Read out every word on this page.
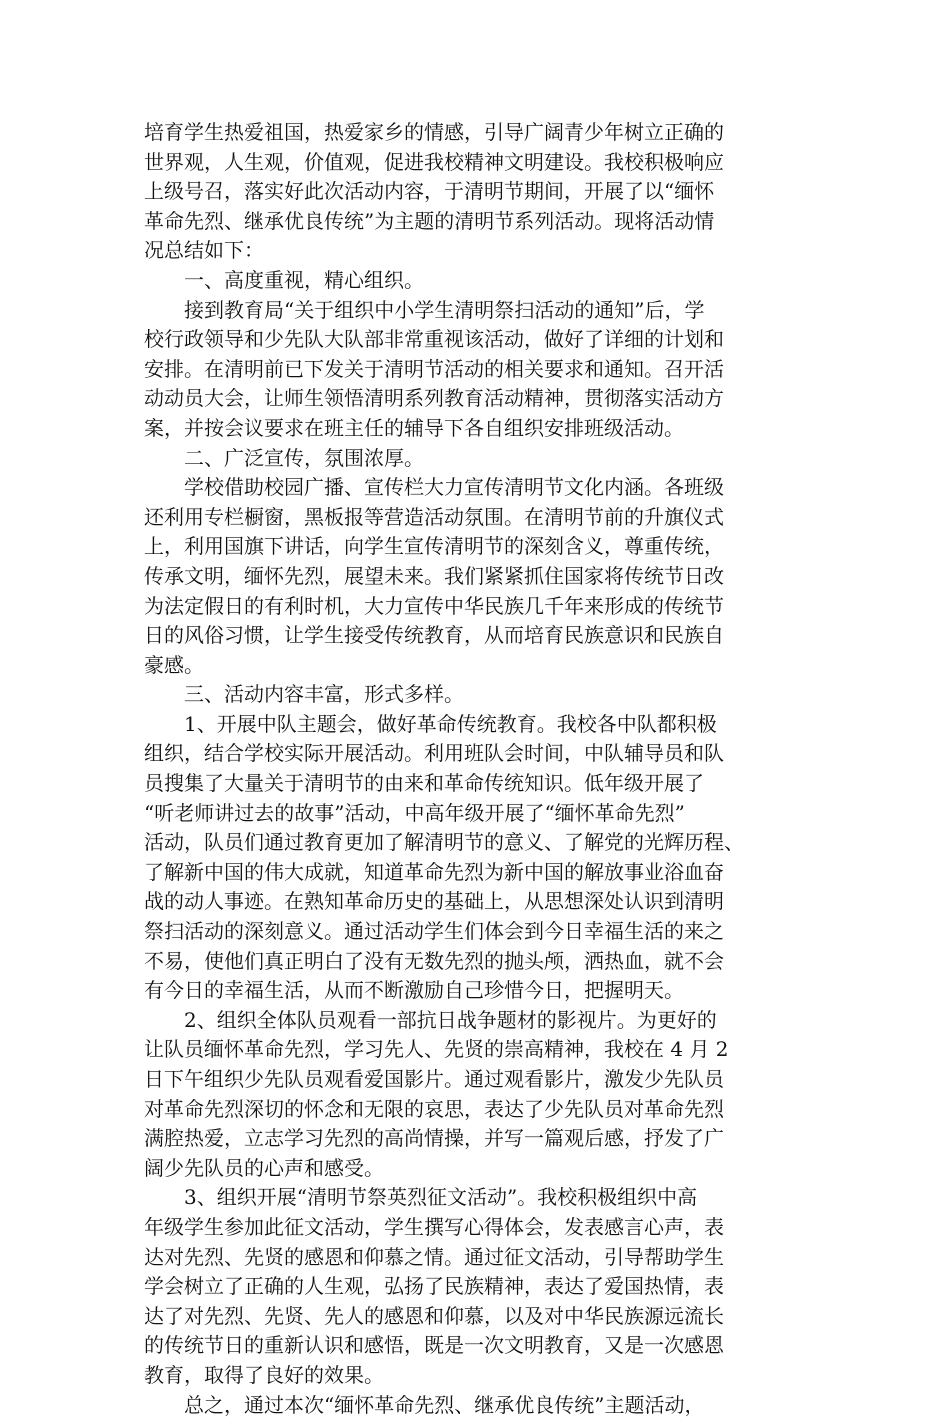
培育学生热爱祖国，热爱家乡的情感，引导广阔青少年树立正确的
世界观，人生观，价值观，促进我校精神文明建设。我校积极响应
上级号召，落实好此次活动内容，于清明节期间，开展了以“缅怀
革命先烈、继承优良传统”为主题的清明节系列活动。现将活动情
况总结如下：
　　一、高度重视，精心组织。
　　接到教育局“关于组织中小学生清明祭扫活动的通知”后，学
校行政领导和少先队大队部非常重视该活动，做好了详细的计划和
安排。在清明前已下发关于清明节活动的相关要求和通知。召开活
动动员大会，让师生领悟清明系列教育活动精神，贯彻落实活动方
案，并按会议要求在班主任的辅导下各自组织安排班级活动。
　　二、广泛宣传，氛围浓厚。
　　学校借助校园广播、宣传栏大力宣传清明节文化内涵。各班级
还利用专栏橱窗，黑板报等营造活动氛围。在清明节前的升旗仪式
上，利用国旗下讲话，向学生宣传清明节的深刻含义，尊重传统，
传承文明，缅怀先烈，展望未来。我们紧紧抓住国家将传统节日改
为法定假日的有利时机，大力宣传中华民族几千年来形成的传统节
日的风俗习惯，让学生接受传统教育，从而培育民族意识和民族自
豪感。
　　三、活动内容丰富，形式多样。
　　1、开展中队主题会，做好革命传统教育。我校各中队都积极
组织，结合学校实际开展活动。利用班队会时间，中队辅导员和队
员搜集了大量关于清明节的由来和革命传统知识。低年级开展了
“听老师讲过去的故事”活动，中高年级开展了“缅怀革命先烈”
活动，队员们通过教育更加了解清明节的意义、了解党的光辉历程、
了解新中国的伟大成就，知道革命先烈为新中国的解放事业浴血奋
战的动人事迹。在熟知革命历史的基础上，从思想深处认识到清明
祭扫活动的深刻意义。通过活动学生们体会到今日幸福生活的来之
不易，使他们真正明白了没有无数先烈的抛头颅，洒热血，就不会
有今日的幸福生活，从而不断激励自己珍惜今日，把握明天。
　　2、组织全体队员观看一部抗日战争题材的影视片。为更好的
让队员缅怀革命先烈，学习先人、先贤的崇高精神，我校在 4 月 2
日下午组织少先队员观看爱国影片。通过观看影片，激发少先队员
对革命先烈深切的怀念和无限的哀思，表达了少先队员对革命先烈
满腔热爱，立志学习先烈的高尚情操，并写一篇观后感，抒发了广
阔少先队员的心声和感受。
　　3、组织开展“清明节祭英烈征文活动”。我校积极组织中高
年级学生参加此征文活动，学生撰写心得体会，发表感言心声，表
达对先烈、先贤的感恩和仰慕之情。通过征文活动，引导帮助学生
学会树立了正确的人生观，弘扬了民族精神，表达了爱国热情，表
达了对先烈、先贤、先人的感恩和仰慕，以及对中华民族源远流长
的传统节日的重新认识和感悟，既是一次文明教育，又是一次感恩
教育，取得了良好的效果。
　　总之，通过本次“缅怀革命先烈、继承优良传统”主题活动，
